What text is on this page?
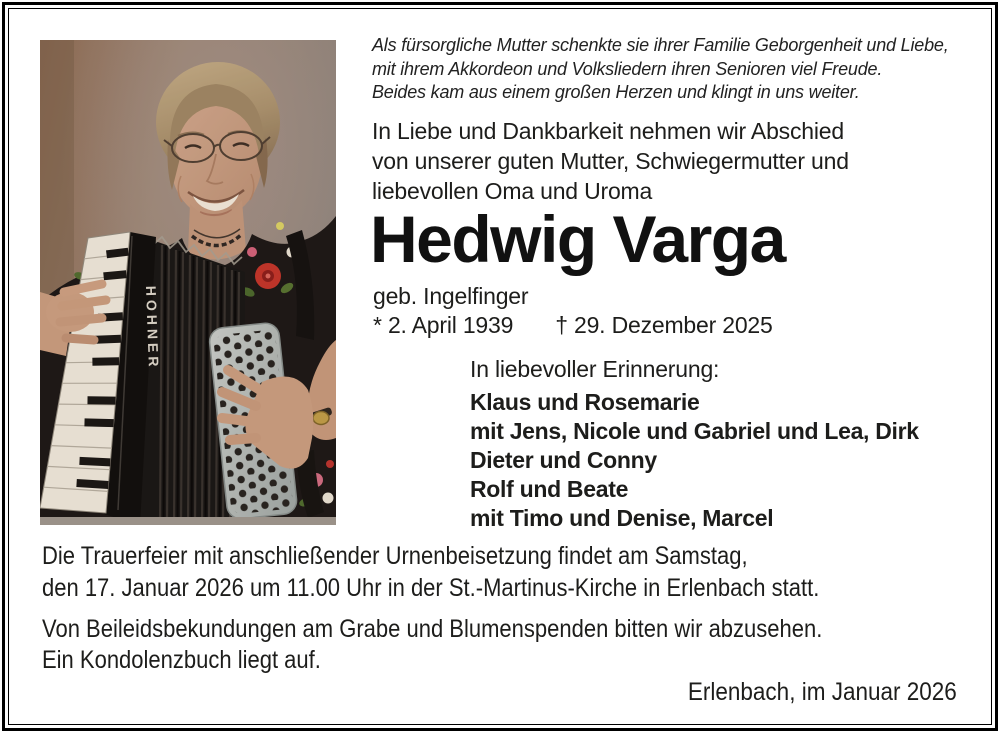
HOHNER
Als fürsorgliche Mutter schenkte sie ihrer Familie Geborgenheit und Liebe,
mit ihrem Akkordeon und Volksliedern ihren Senioren viel Freude.
Beides kam aus einem großen Herzen und klingt in uns weiter.
In Liebe und Dankbarkeit nehmen wir Abschied
von unserer guten Mutter, Schwiegermutter und
liebevollen Oma und Uroma
Hedwig Varga
geb. Ingelfinger
* 2. April 1939 † 29. Dezember 2025
In liebevoller Erinnerung:
Klaus und Rosemarie
mit Jens, Nicole und Gabriel und Lea, Dirk
Dieter und Conny
Rolf und Beate
mit Timo und Denise, Marcel
Die Trauerfeier mit anschließender Urnenbeisetzung findet am Samstag,
den 17. Januar 2026 um 11.00 Uhr in der St.-Martinus-Kirche in Erlenbach statt.
Von Beileidsbekundungen am Grabe und Blumenspenden bitten wir abzusehen.
Ein Kondolenzbuch liegt auf.
Erlenbach, im Januar 2026
